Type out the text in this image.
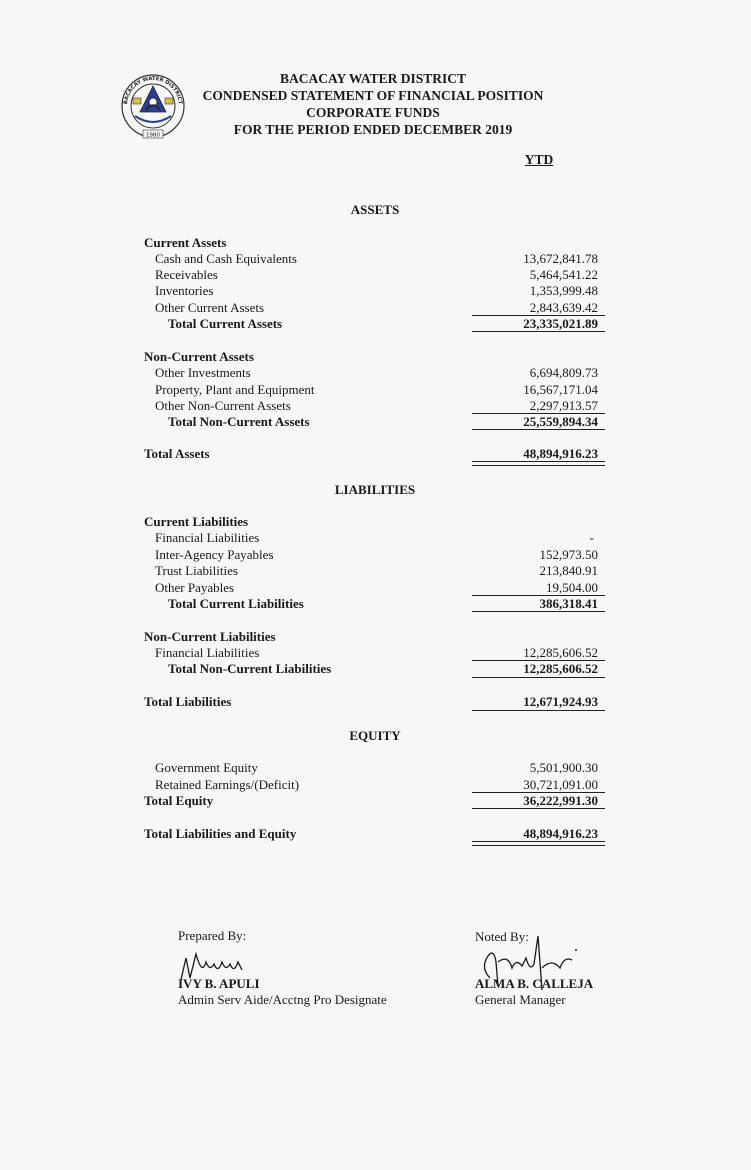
1980
BACACAY WATER DISTRICT
BACACAY WATER DISTRICT
CONDENSED STATEMENT OF FINANCIAL POSITION
CORPORATE FUNDS
FOR THE PERIOD ENDED DECEMBER 2019
YTD
ASSETS
Current Assets
Cash and Cash Equivalents	13,672,841.78
Receivables	5,464,541.22
Inventories	1,353,999.48
Other Current Assets	2,843,639.42
Total Current Assets	23,335,021.89
Non-Current Assets
Other Investments	6,694,809.73
Property, Plant and Equipment	16,567,171.04
Other Non-Current Assets	2,297,913.57
Total Non-Current Assets	25,559,894.34
Total Assets	48,894,916.23
LIABILITIES
Current Liabilities
Financial Liabilities	-
Inter-Agency Payables	152,973.50
Trust Liabilities	213,840.91
Other Payables	19,504.00
Total Current Liabilities	386,318.41
Non-Current Liabilities
Financial Liabilities	12,285,606.52
Total Non-Current Liabilities	12,285,606.52
Total Liabilities	12,671,924.93
EQUITY
Government Equity	5,501,900.30
Retained Earnings/(Deficit)	30,721,091.00
Total Equity	36,222,991.30
Total Liabilities and Equity	48,894,916.23
Prepared By:
IVY B. APULI
Admin Serv Aide/Acctng Pro Designate
Noted By:
ALMA B. CALLEJA
General Manager
